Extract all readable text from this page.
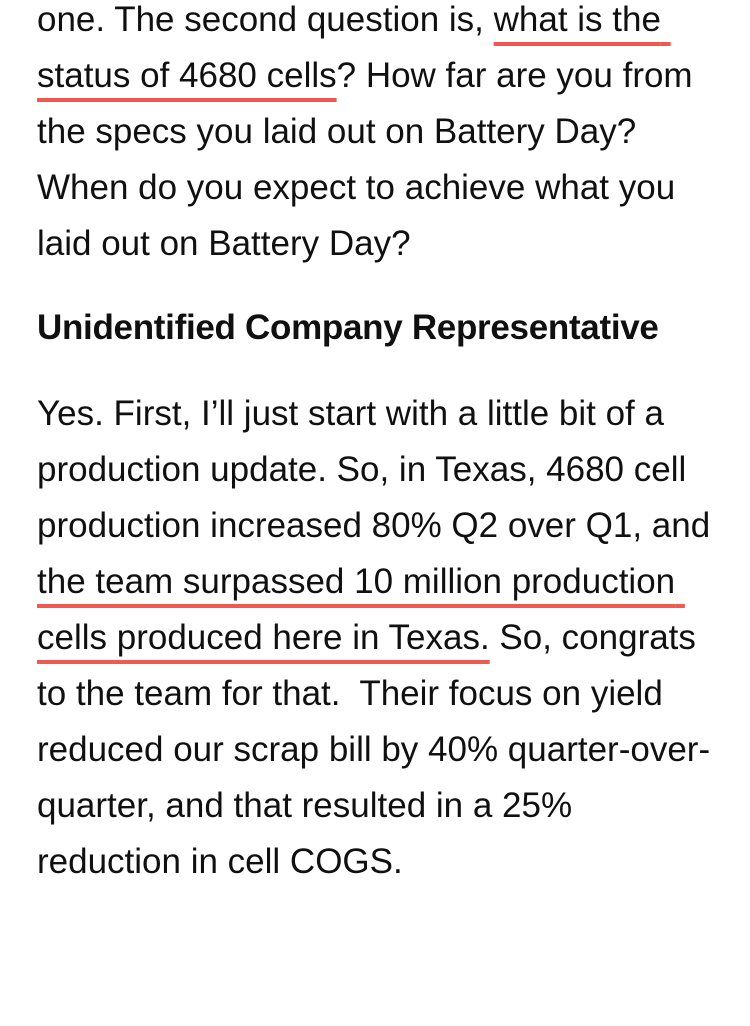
one. The second question is, what is the status of 4680 cells? How far are you from the specs you laid out on Battery Day? When do you expect to achieve what you laid out on Battery Day?

Unidentified Company Representative

Yes. First, I’ll just start with a little bit of a production update. So, in Texas, 4680 cell production increased 80% Q2 over Q1, and the team surpassed 10 million production cells produced here in Texas. So, congrats to the team for that.  Their focus on yield reduced our scrap bill by 40% quarter-over-quarter, and that resulted in a 25% reduction in cell COGS.
